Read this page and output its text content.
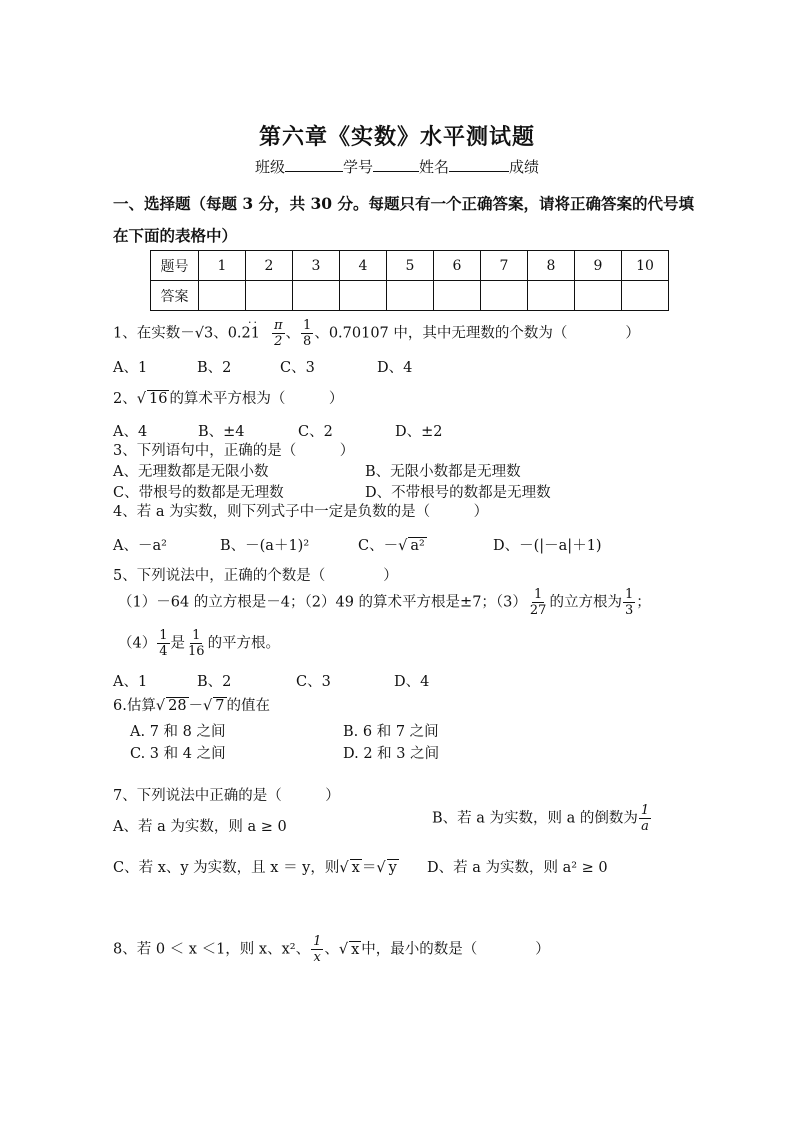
第六章《实数》水平测试题
班级	学号	姓名	成绩
一、选择题（每题 3 分，共 30 分。每题只有一个正确答案，请将正确答案的代号填
在下面的表格中）
题号	1	2	3	4	5	6	7	8	9	10
答案										
1、在实数－√3、$0.21^{\cdot\cdot} \frac{\pi}{2}$ 、 $\frac{1}{8}$ 、0.70107 中，其中无理数的个数为（　　　　）
A、1	B、2	C、3	D、4
2、√ 16 的算术平方根为（　　　）
A、4	B、±4	C、2	D、±2
3、下列语句中，正确的是（　　　）
A、无理数都是无限小数	B、无限小数都是无理数
C、带根号的数都是无理数	D、不带根号的数都是无理数
4、若 a 为实数，则下列式子中一定是负数的是（　　　）
A、－a²	B、－(a＋1)²	C、－√ a²	D、－(|－a|＋1)
5、下列说法中，正确的个数是（　　　　）
（1）－64 的立方根是－4；（2）49 的算术平方根是±7；$(3) \frac{1}{27}$ 的立方根为 $\frac{1}{3}$ ；
$(4) \frac{1}{4}$ 是 $\frac{1}{16}$ 的平方根。
A、1	B、2	C、3	D、4
6.估算√ 28 －√ 7 的值在
A. 7 和 8 之间	B. 6 和 7 之间
C. 3 和 4 之间	D. 2 和 3 之间
7、下列说法中正确的是（　　　）
A、若 a 为实数，则 a ≥ 0
B、若 a 为实数，则 a 的倒数为 $\frac{1}{a}$
C、若 x、y 为实数，且 x ＝ y，则√ x ＝√ y D、若 a 为实数，则 a² ≥ 0
8、若 0 ＜ x ＜1，则 x、x²、 $\frac{1}{x}$ 、√ x 中，最小的数是（　　　　）
